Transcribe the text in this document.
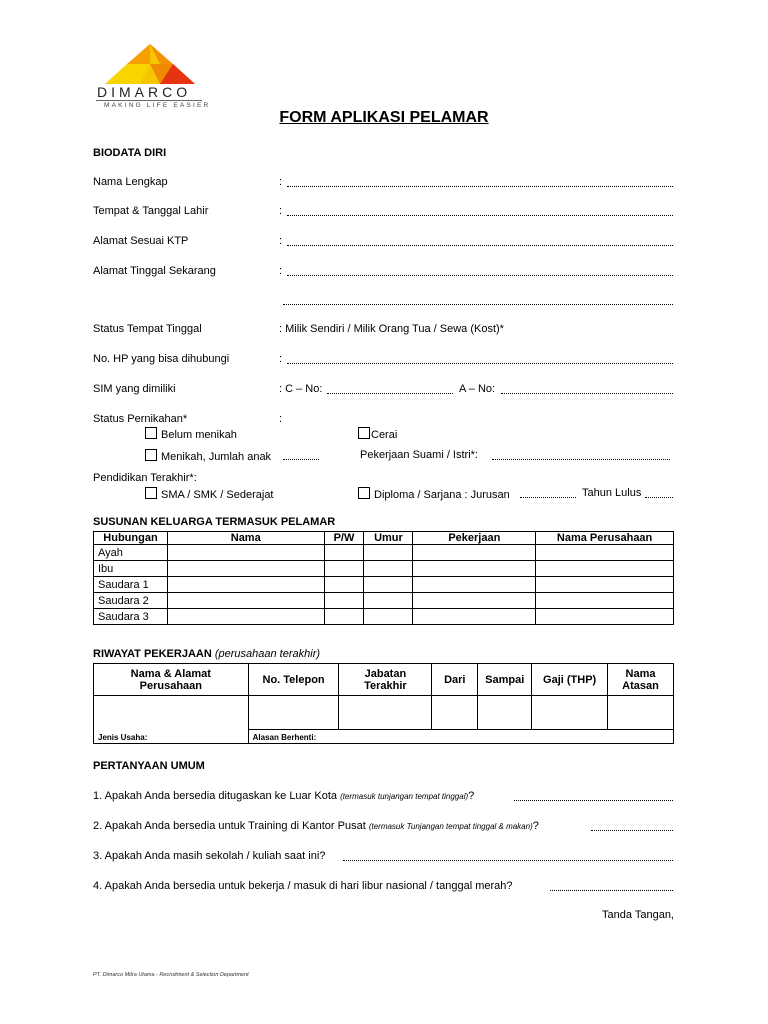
DIMARCO
MAKING LIFE EASIER
FORM APLIKASI PELAMAR
BIODATA DIRI
Nama Lengkap	:
Tempat & Tanggal Lahir	:
Alamat Sesuai KTP	:
Alamat Tinggal Sekarang	:
Status Tempat Tinggal	: Milik Sendiri / Milik Orang Tua / Sewa (Kost)*
No. HP yang bisa dihubungi	:
SIM yang dimiliki	: C – No:	A – No:
Status Pernikahan*	:
Belum menikah	Cerai
Menikah, Jumlah anak	Pekerjaan Suami / Istri*:
Pendidikan Terakhir*:
SMA / SMK / Sederajat	Diploma / Sarjana : Jurusan	Tahun Lulus
SUSUNAN KELUARGA TERMASUK PELAMAR
Hubungan	Nama	P/W	Umur	Pekerjaan	Nama Perusahaan
Ayah					
Ibu					
Saudara 1					
Saudara 2					
Saudara 3					
RIWAYAT PEKERJAAN (perusahaan terakhir)
Nama & Alamat Perusahaan	No. Telepon	Jabatan Terakhir	Dari	Sampai	Gaji (THP)	Nama Atasan
Jenis Usaha:						
	Alasan Berhenti:					
PERTANYAAN UMUM
1. Apakah Anda bersedia ditugaskan ke Luar Kota (termasuk tunjangan tempat tinggal)?
2. Apakah Anda bersedia untuk Training di Kantor Pusat (termasuk Tunjangan tempat tinggal & makan)?
3. Apakah Anda masih sekolah / kuliah saat ini?
4. Apakah Anda bersedia untuk bekerja / masuk di hari libur nasional / tanggal merah?
Tanda Tangan,
PT. Dimarco Mitra Utama - Recruitment & Selection Department
